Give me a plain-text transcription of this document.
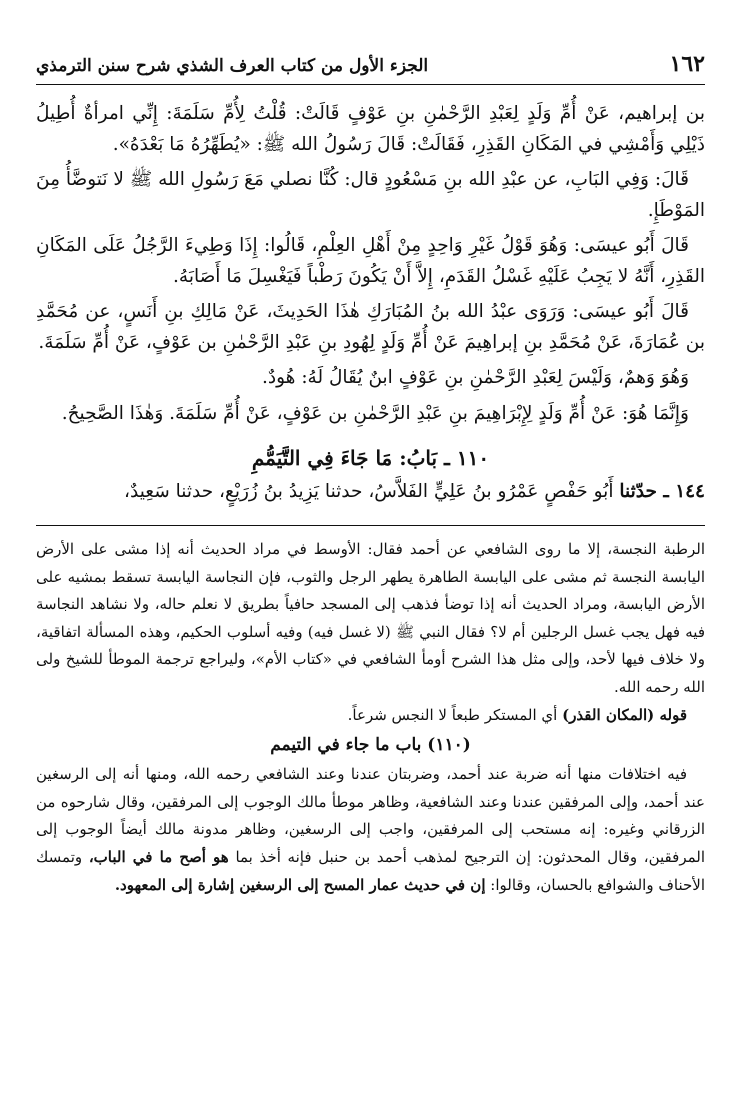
١٦٢
الجزء الأول من كتاب العرف الشذي شرح سنن الترمذي

بن إبراهيم، عَنْ أُمِّ وَلَدٍ لِعَبْدِ الرَّحْمٰنِ بنِ عَوْفٍ قَالَتْ: قُلْتُ لِأُمِّ سَلَمَةَ: إِنِّي امرأةٌ أُطِيلُ ذَيْلِي وَأَمْشِي في المَكَانِ القَذِرِ، فَقَالَتْ: قَالَ رَسُولُ الله ﷺ: «يُطَهِّرُهُ مَا بَعْدَهُ».

قَالَ: وَفِي البَابِ، عن عبْدِ الله بنِ مَسْعُودٍ قال: كُنَّا نصلي مَعَ رَسُولِ الله ﷺ لا نَتوضَّأُ مِنَ المَوْطَإِ.

قَالَ أَبُو عيسَى: وَهُوَ قَوْلُ غَيْرِ وَاحِدٍ مِنْ أَهْلِ العِلْمِ، قَالُوا: إِذَا وَطِيءَ الرَّجُلُ عَلَى المَكَانِ القَذِرِ، أَنَّهُ لا يَجِبُ عَلَيْهِ غَسْلُ القَدَمِ، إِلاَّ أَنْ يَكُونَ رَطْباً فَيَغْسِلَ مَا أَصَابَهُ.

قَالَ أَبُو عيسَى: وَرَوَى عبْدُ الله بنُ المُبَارَكِ هٰذَا الحَدِيثَ، عَنْ مَالِكِ بنِ أَنَسٍ، عن مُحَمَّدِ بن عُمَارَةَ، عَنْ مُحَمَّدِ بنِ إبراهِيمَ عَنْ أُمِّ وَلَدٍ لِهُودِ بنِ عَبْدِ الرَّحْمٰنِ بن عَوْفٍ، عَنْ أُمِّ سَلَمَةَ.

وَهُوَ وَهمٌ، وَلَيْسَ لِعَبْدِ الرَّحْمٰنِ بنِ عَوْفٍ ابنٌ يُقَالُ لَهُ: هُودٌ.

وَإِنَّمَا هُوَ: عَنْ أُمِّ وَلَدٍ لِإِبْرَاهِيمَ بنِ عَبْدِ الرَّحْمٰنِ بن عَوْفٍ، عَنْ أُمِّ سَلَمَةَ. وَهٰذَا الصَّحِيحُ.

١١٠ ـ بَابُ: مَا جَاءَ فِي التَّيَمُّمِ

١٤٤ ـ حدّثنا أَبُو حَفْصٍ عَمْرُو بنُ عَلِيٍّ الفَلاَّسُ، حدثنا يَزِيدُ بنُ زُرَيْعٍ، حدثنا سَعِيدٌ،

الرطبة النجسة، إلا ما روى الشافعي عن أحمد فقال: الأوسط في مراد الحديث أنه إذا مشى على الأرض اليابسة النجسة ثم مشى على اليابسة الطاهرة يطهر الرجل والثوب، فإن النجاسة اليابسة تسقط بمشيه على الأرض اليابسة، ومراد الحديث أنه إذا توضأ فذهب إلى المسجد حافياً بطريق لا نعلم حاله، ولا نشاهد النجاسة فيه فهل يجب غسل الرجلين أم لا؟ فقال النبي ﷺ (لا غسل فيه) وفيه أسلوب الحكيم، وهذه المسألة اتفاقية، ولا خلاف فيها لأحد، وإلى مثل هذا الشرح أومأ الشافعي في «كتاب الأم»، وليراجع ترجمة الموطأ للشيخ ولى الله رحمه الله.

قوله (المكان القذر) أي المستكر طبعاً لا النجس شرعاً.

(١١٠) باب ما جاء في التيمم

فيه اختلافات منها أنه ضربة عند أحمد، وضربتان عندنا وعند الشافعي رحمه الله، ومنها أنه إلى الرسغين عند أحمد، وإلى المرفقين عندنا وعند الشافعية، وظاهر موطأ مالك الوجوب إلى المرفقين، وقال شارحوه من الزرقاني وغيره: إنه مستحب إلى المرفقين، واجب إلى الرسغين، وظاهر مدونة مالك أيضاً الوجوب إلى المرفقين، وقال المحدثون: إن الترجيح لمذهب أحمد بن حنبل فإنه أخذ بما هو أصح ما في الباب، وتمسك الأحناف والشوافع بالحسان، وقالوا: إن في حديث عمار المسح إلى الرسغين إشارة إلى المعهود.
